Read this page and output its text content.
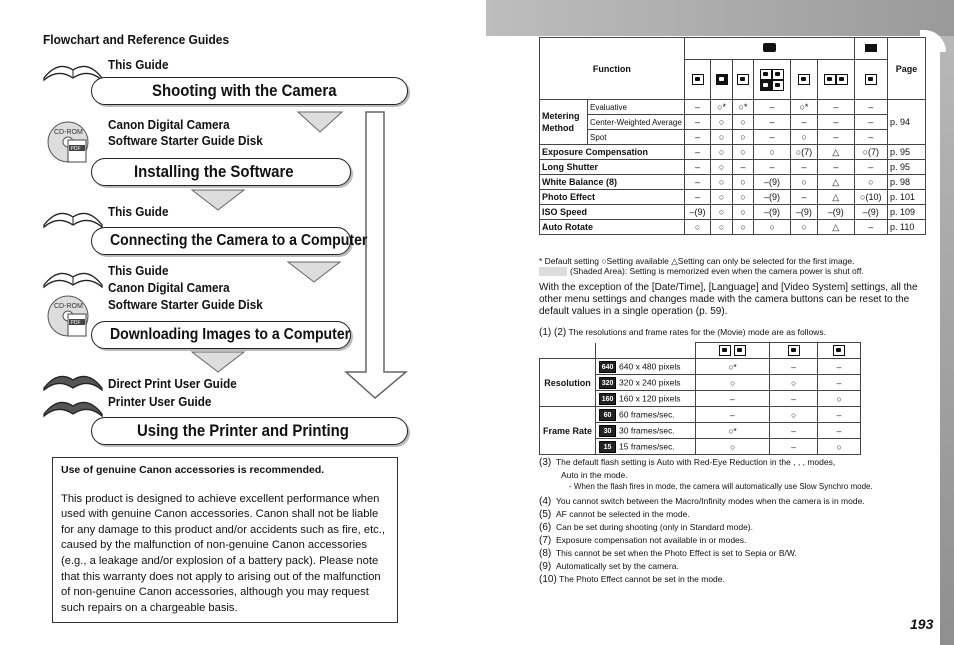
Flowchart and Reference Guides
CD-ROM
PDF
CD-ROM
PDF
This Guide
Canon Digital Camera
Software Starter Guide Disk
This Guide
This Guide
Canon Digital Camera
Software Starter Guide Disk
Direct Print User Guide
Printer User Guide
Shooting with the Camera
Installing the Software
Connecting the Camera to a Computer
Downloading Images to a Computer
Using the Printer and Printing
Use of genuine Canon accessories is recommended.
This product is designed to achieve excellent performance when used with genuine Canon accessories. Canon shall not be liable for any damage to this product and/or accidents such as fire, etc., caused by the malfunction of non-genuine Canon accessories (e.g., a leakage and/or explosion of a battery pack). Please note that this warranty does not apply to arising out of the malfunction of non-genuine Canon accessories, although you may request such repairs on a chargeable basis.
Function									Page

Metering Method	Evaluative	–	○*	○*	–	○*	–	–	p. 94
	Center-Weighted Average	–	○	○	–	–	–	–	
	Spot	–	○	○	–	○	–	–	
Exposure Compensation		–	○	○	○	○(7)	△	○(7)	p. 95
Long Shutter		–	○	–	–	–	–	–	p. 95
White Balance (8)		–	○	○	–(9)	○	△	○	p. 98
Photo Effect		–	○	○	–(9)	–	△	○(10)	p. 101
ISO Speed		–(9)	○	○	–(9)	–(9)	–(9)	–(9)	p. 109
Auto Rotate		○	○	○	○	○	△	–	p. 110
* Default setting ○Setting available △Setting can only be selected for the first image.
(Shaded Area): Setting is memorized even when the camera power is shut off.
With the exception of the [Date/Time], [Language] and [Video System] settings, all the other menu settings and changes made with the camera buttons can be reset to the default values in a single operation (p. 59).
(1) (2) The resolutions and frame rates for the (Movie) mode are as follows.

Resolution	640 640 x 480 pixels	○*	–	–
	320 320 x 240 pixels	○	○	–
	160 160 x 120 pixels	–	–	○
Frame Rate	60 60 frames/sec.	–	○	–
	30 30 frames/sec.	○*	–	–
	15 15 frames/sec.	○	–	○
(3) The default flash setting is Auto with Red-Eye Reduction in the , , , modes,
Auto in the mode.
- When the flash fires in mode, the camera will automatically use Slow Synchro mode.
(4) You cannot switch between the Macro/Infinity modes when the camera is in mode.
(5) AF cannot be selected in the mode.
(6) Can be set during shooting (only in Standard mode).
(7) Exposure compensation not available in or modes.
(8) This cannot be set when the Photo Effect is set to Sepia or B/W.
(9) Automatically set by the camera.
(10) The Photo Effect cannot be set in the mode.
193
